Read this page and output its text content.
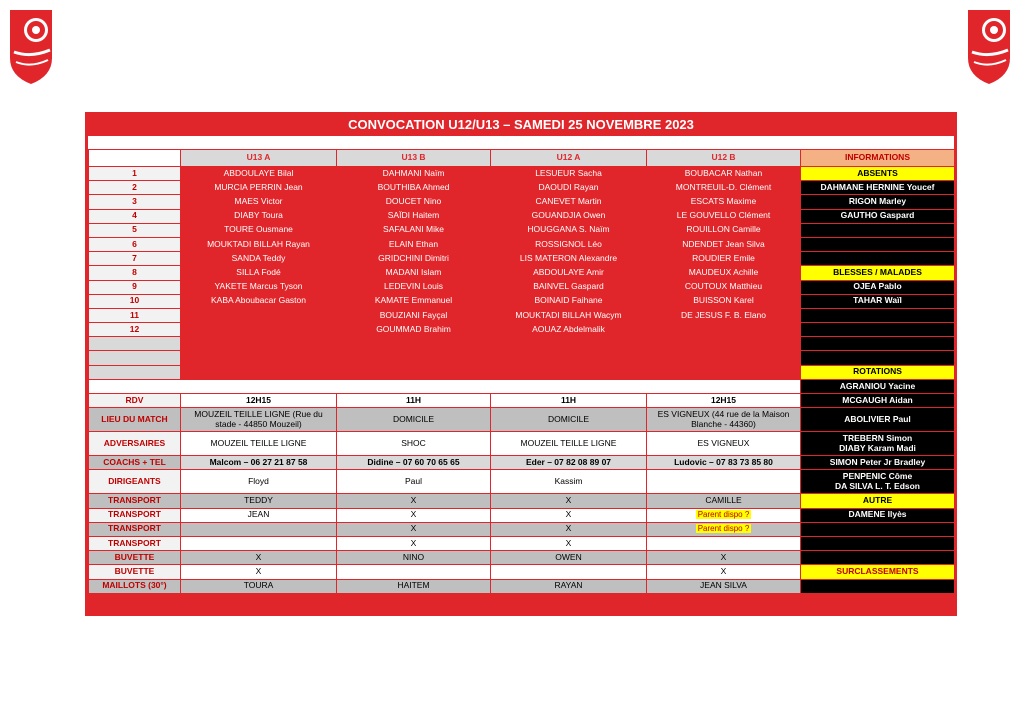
CONVOCATION U12/U13 – SAMEDI 25 NOVEMBRE 2023
	U13 A	U13 B	U12 A	U12 B	INFORMATIONS
1	ABDOULAYE Bilal	DAHMANI Naïm	LESUEUR Sacha	BOUBACAR Nathan	ABSENTS
2	MURCIA PERRIN Jean	BOUTHIBA Ahmed	DAOUDI Rayan	MONTREUIL-D. Clément	DAHMANE HERNINE Youcef
3	MAES Victor	DOUCET Nino	CANEVET Martin	ESCATS Maxime	RIGON Marley
4	DIABY Toura	SAÏDI Haitem	GOUANDJIA Owen	LE GOUVELLO Clément	GAUTHO Gaspard
5	TOURE Ousmane	SAFALANI Mike	HOUGGANA S. Naïm	ROUILLON Camille	
6	MOUKTADI BILLAH Rayan	ELAIN Ethan	ROSSIGNOL Léo	NDENDET Jean Silva	
7	SANDA Teddy	GRIDCHINI Dimitri	LIS MATERON Alexandre	ROUDIER Emile	
8	SILLA Fodé	MADANI Islam	ABDOULAYE Amir	MAUDEUX Achille	BLESSES / MALADES
9	YAKETE Marcus Tyson	LEDEVIN Louis	BAINVEL Gaspard	COUTOUX Matthieu	OJEA Pablo
10	KABA Aboubacar Gaston	KAMATE Emmanuel	BOINAID Faihane	BUISSON Karel	TAHAR Waïl
11		BOUZIANI Fayçal	MOUKTADI BILLAH Wacym	DE JESUS F. B. Elano	
12		GOUMMAD Brahim	AOUAZ Abdelmalik		

					ROTATIONS
					AGRANIOU Yacine
RDV	12H15	11H	11H	12H15	MCGAUGH Aidan
LIEU DU MATCH	MOUZEIL TEILLE LIGNE (Rue du stade - 44850 Mouzeil)	DOMICILE	DOMICILE	ES VIGNEUX (44 rue de la Maison Blanche - 44360)	ABOLIVIER Paul
ADVERSAIRES	MOUZEIL TEILLE LIGNE	SHOC	MOUZEIL TEILLE LIGNE	ES VIGNEUX	TREBERN Simon
DIABY Karam Madi

COACHS + TEL	Malcom – 06 27 21 87 58	Didine – 07 60 70 65 65	Eder – 07 82 08 89 07	Ludovic – 07 83 73 85 80	SIMON Peter Jr Bradley
DIRIGEANTS	Floyd	Paul	Kassim		PENPENIC Côme
DA SILVA L. T. Edson

TRANSPORT	TEDDY	X	X	CAMILLE	AUTRE
TRANSPORT	JEAN	X	X	Parent dispo ?	DAMENE Ilyès
TRANSPORT		X	X	Parent dispo ?	
TRANSPORT		X	X		
BUVETTE	X	NINO	OWEN	X	
BUVETTE	X			X	SURCLASSEMENTS
MAILLOTS (30°)	TOURA	HAITEM	RAYAN	JEAN SILVA	
